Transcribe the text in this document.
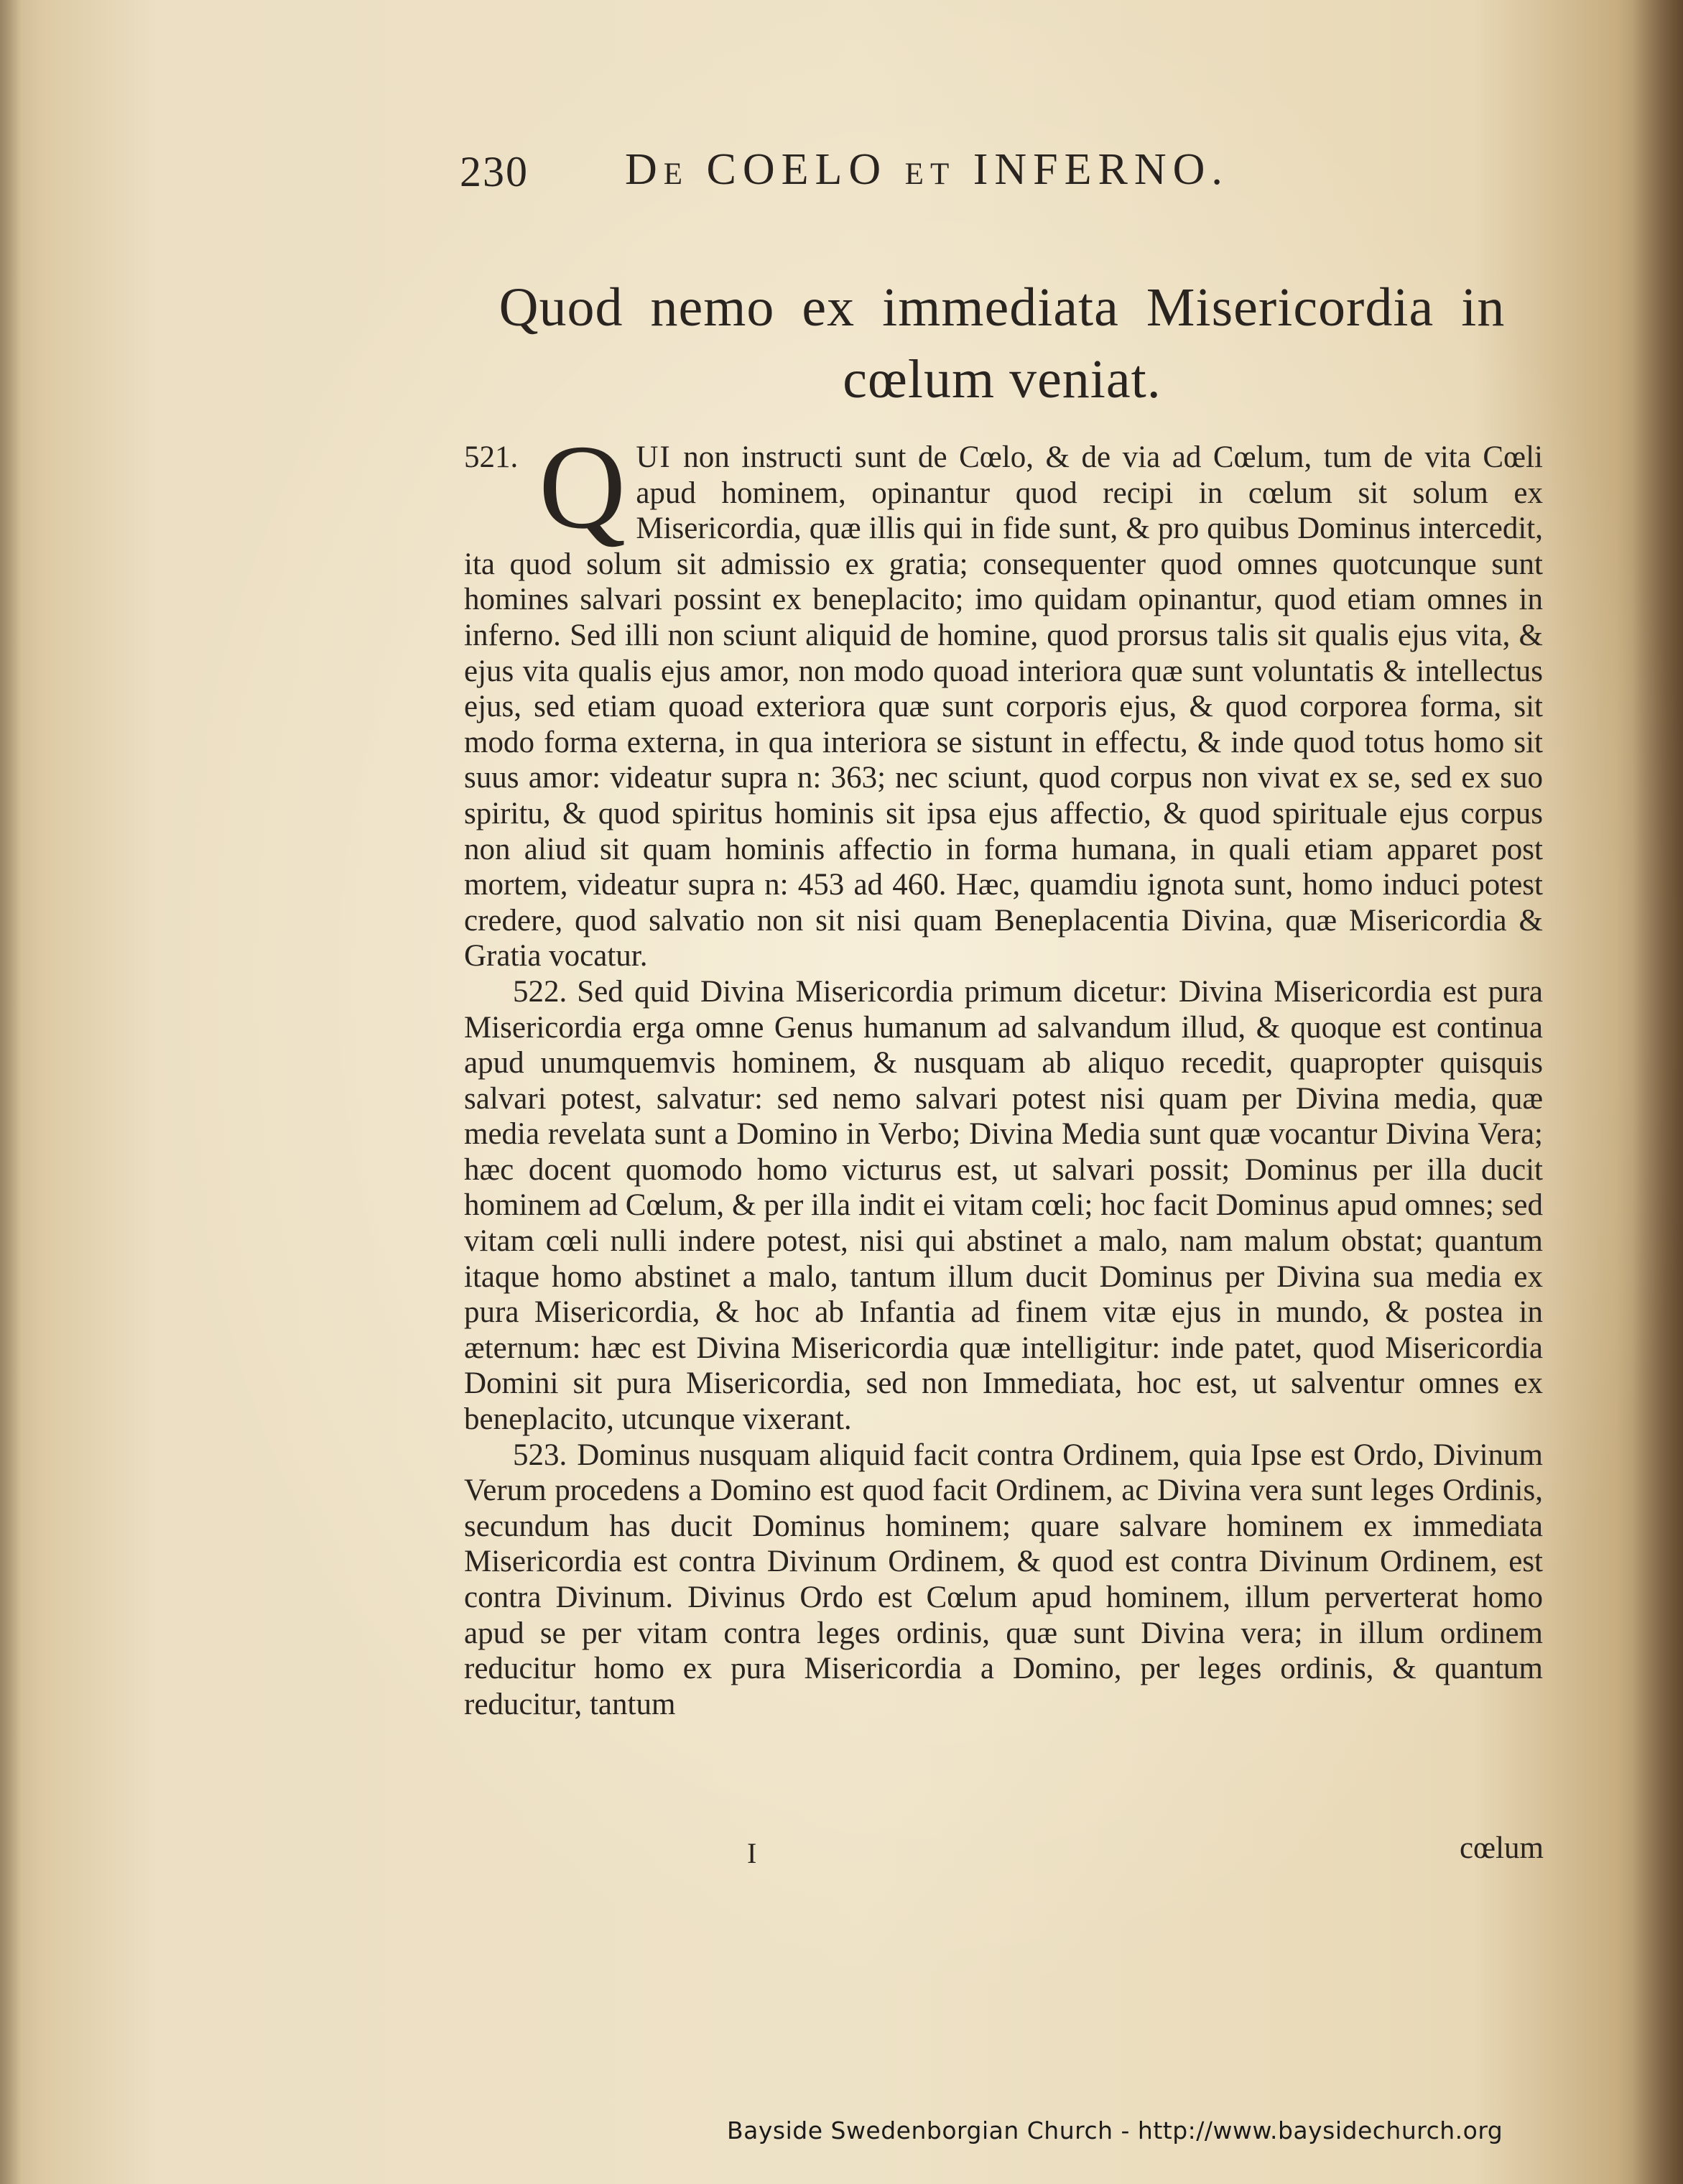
230 De COELO et INFERNO.
Quod nemo ex immediata Misericordia in
cœlum veniat.

521. Q UI non instructi sunt de Cœlo, & de via ad Cœlum, tum de vita Cœli apud hominem, opinantur quod recipi in cœlum sit solum ex Misericordia, quæ illis qui in fide sunt, & pro quibus Dominus intercedit, ita quod solum sit admissio ex gratia; consequenter quod omnes quotcunque sunt homines salvari possint ex beneplacito; imo quidam opinantur, quod etiam omnes in inferno. Sed illi non sciunt aliquid de homine, quod prorsus talis sit qualis ejus vita, & ejus vita qualis ejus amor, non modo quoad interiora quæ sunt voluntatis & intellectus ejus, sed etiam quoad exteriora quæ sunt corporis ejus, & quod corporea forma, sit modo forma externa, in qua interiora se sistunt in effectu, & inde quod totus homo sit suus amor: videatur supra n: 363; nec sciunt, quod corpus non vivat ex se, sed ex suo spiritu, & quod spiritus hominis sit ipsa ejus affectio, & quod spirituale ejus corpus non aliud sit quam hominis affectio in forma humana, in quali etiam apparet post mortem, videatur supra n: 453 ad 460. Hæc, quamdiu ignota sunt, homo induci potest credere, quod salvatio non sit nisi quam Beneplacentia Divina, quæ Misericordia & Gratia vocatur.

522. Sed quid Divina Misericordia primum dicetur: Divina Misericordia est pura Misericordia erga omne Genus humanum ad salvandum illud, & quoque est continua apud unumquemvis hominem, & nusquam ab aliquo recedit, quapropter quisquis salvari potest, salvatur: sed nemo salvari potest nisi quam per Divina media, quæ media revelata sunt a Domino in Verbo; Divina Media sunt quæ vocantur Divina Vera; hæc docent quomodo homo victurus est, ut salvari possit; Dominus per illa ducit hominem ad Cœlum, & per illa indit ei vitam cœli; hoc facit Dominus apud omnes; sed vitam cœli nulli indere potest, nisi qui abstinet a malo, nam malum obstat; quantum itaque homo abstinet a malo, tantum illum ducit Dominus per Divina sua media ex pura Misericordia, & hoc ab Infantia ad finem vitæ ejus in mundo, & postea in æternum: hæc est Divina Misericordia quæ intelligitur: inde patet, quod Misericordia Domini sit pura Misericordia, sed non Immediata, hoc est, ut salventur omnes ex beneplacito, utcunque vixerant.

523. Dominus nusquam aliquid facit contra Ordinem, quia Ipse est Ordo, Divinum Verum procedens a Domino est quod facit Ordinem, ac Divina vera sunt leges Ordinis, secundum has ducit Dominus hominem; quare salvare hominem ex immediata Misericordia est contra Divinum Ordinem, & quod est contra Divinum Ordinem, est contra Divinum. Divinus Ordo est Cœlum apud hominem, illum perverterat homo apud se per vitam contra leges ordinis, quæ sunt Divina vera; in illum ordinem reducitur homo ex pura Misericordia a Domino, per leges ordinis, & quantum reducitur, tantum

I	cœlum
Bayside Swedenborgian Church - http://www.baysidechurch.org
